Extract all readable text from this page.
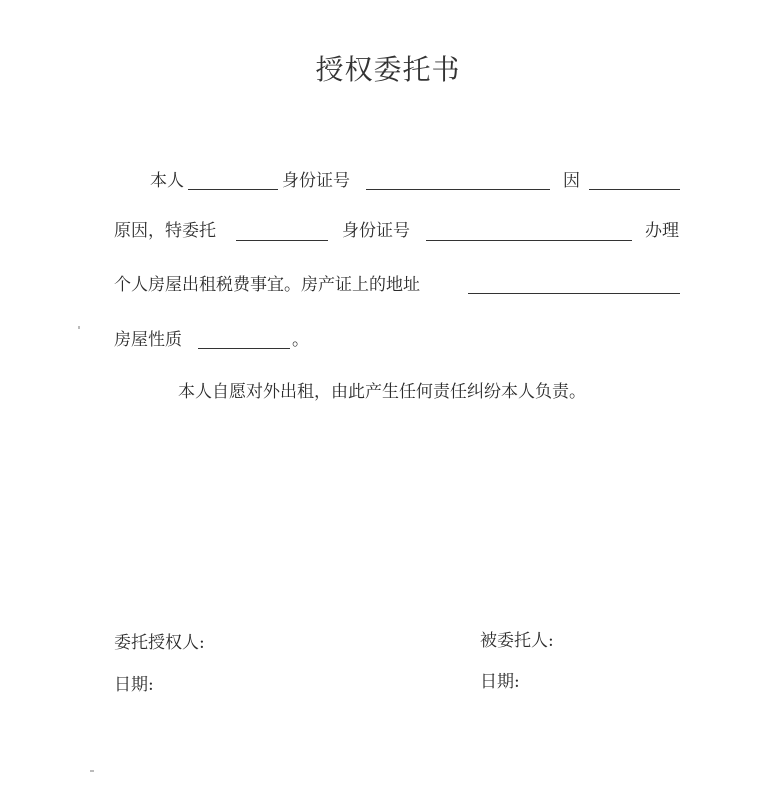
授权委托书
本人	身份证号	因
原因，特委托	身份证号	办理
个人房屋出租税费事宜。房产证上的地址
房屋性质	。
本人自愿对外出租，由此产生任何责任纠纷本人负责。
委托授权人:	被委托人:
日期:	日期:
